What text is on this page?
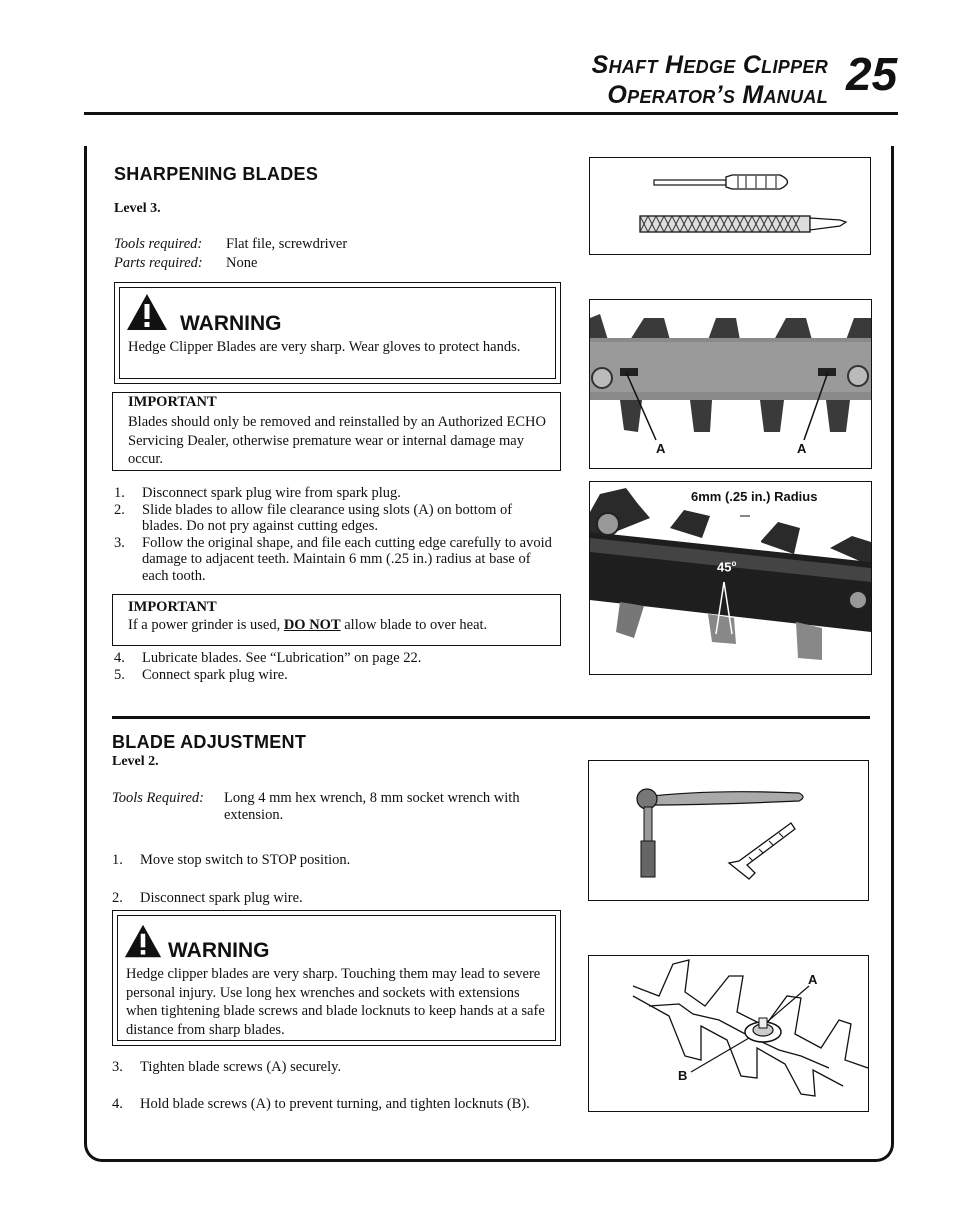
Shaft Hedge Clipper
Operator’s Manual 25
SHARPENING BLADES
Level 3.
Tools required: Flat file, screwdriver
Parts required: None
WARNING
Hedge Clipper Blades are very sharp. Wear gloves to protect hands.
IMPORTANT
Blades should only be removed and reinstalled by an Authorized ECHO Servicing Dealer, otherwise premature wear or internal damage may occur.
1.	Disconnect spark plug wire from spark plug.
2.	Slide blades to allow file clearance using slots (A) on bottom of blades. Do not pry against cutting edges.
3.	Follow the original shape, and file each cutting edge carefully to avoid damage to adjacent teeth. Maintain 6 mm (.25 in.) radius at base of each tooth.
IMPORTANT
If a power grinder is used, DO NOT allow blade to over heat.
4.	Lubricate blades. See “Lubrication” on page 22.
5.	Connect spark plug wire.
A	A
6mm (.25 in.) Radius
45$^o$
BLADE ADJUSTMENT
Level 2.
Tools Required: Long 4 mm hex wrench, 8 mm socket wrench with extension.
1.	Move stop switch to STOP position.
2.	Disconnect spark plug wire.
WARNING
Hedge clipper blades are very sharp. Touching them may lead to severe personal injury. Use long hex wrenches and sockets with extensions when tightening blade screws and blade locknuts to keep hands at a safe distance from sharp blades.
3.	Tighten blade screws (A) securely.
4.	Hold blade screws (A) to prevent turning, and tighten locknuts (B).
A
B
